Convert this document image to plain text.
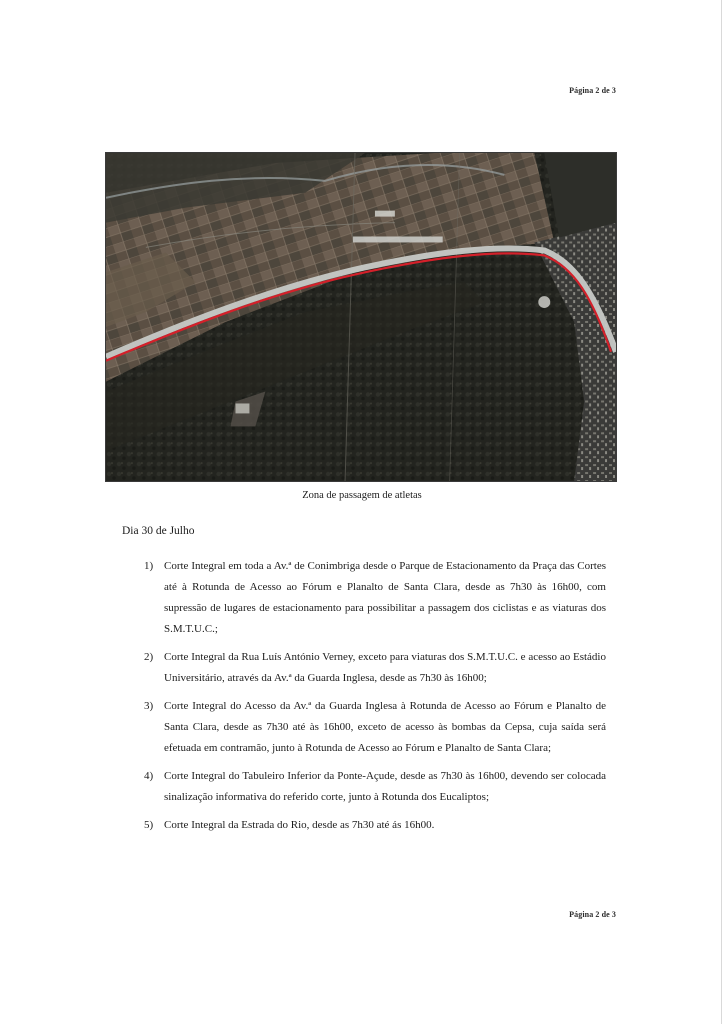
Página 2 de 3
Zona de passagem de atletas
Dia 30 de Julho
1) Corte Integral em toda a Av.ª de Conimbriga desde o Parque de Estacionamento da Praça das Cortes até à Rotunda de Acesso ao Fórum e Planalto de Santa Clara, desde as 7h30 às 16h00, com supressão de lugares de estacionamento para possibilitar a passagem dos ciclistas e as viaturas dos S.M.T.U.C.;
2) Corte Integral da Rua Luís António Verney, exceto para viaturas dos S.M.T.U.C. e acesso ao Estádio Universitário, através da Av.ª da Guarda Inglesa, desde as 7h30 às 16h00;
3) Corte Integral do Acesso da Av.ª da Guarda Inglesa à Rotunda de Acesso ao Fórum e Planalto de Santa Clara, desde as 7h30 até às 16h00, exceto de acesso às bombas da Cepsa, cuja saída será efetuada em contramão, junto à Rotunda de Acesso ao Fórum e Planalto de Santa Clara;
4) Corte Integral do Tabuleiro Inferior da Ponte-Açude, desde as 7h30 às 16h00, devendo ser colocada sinalização informativa do referido corte, junto à Rotunda dos Eucaliptos;
5) Corte Integral da Estrada do Rio, desde as 7h30 até ás 16h00.
Página 2 de 3
